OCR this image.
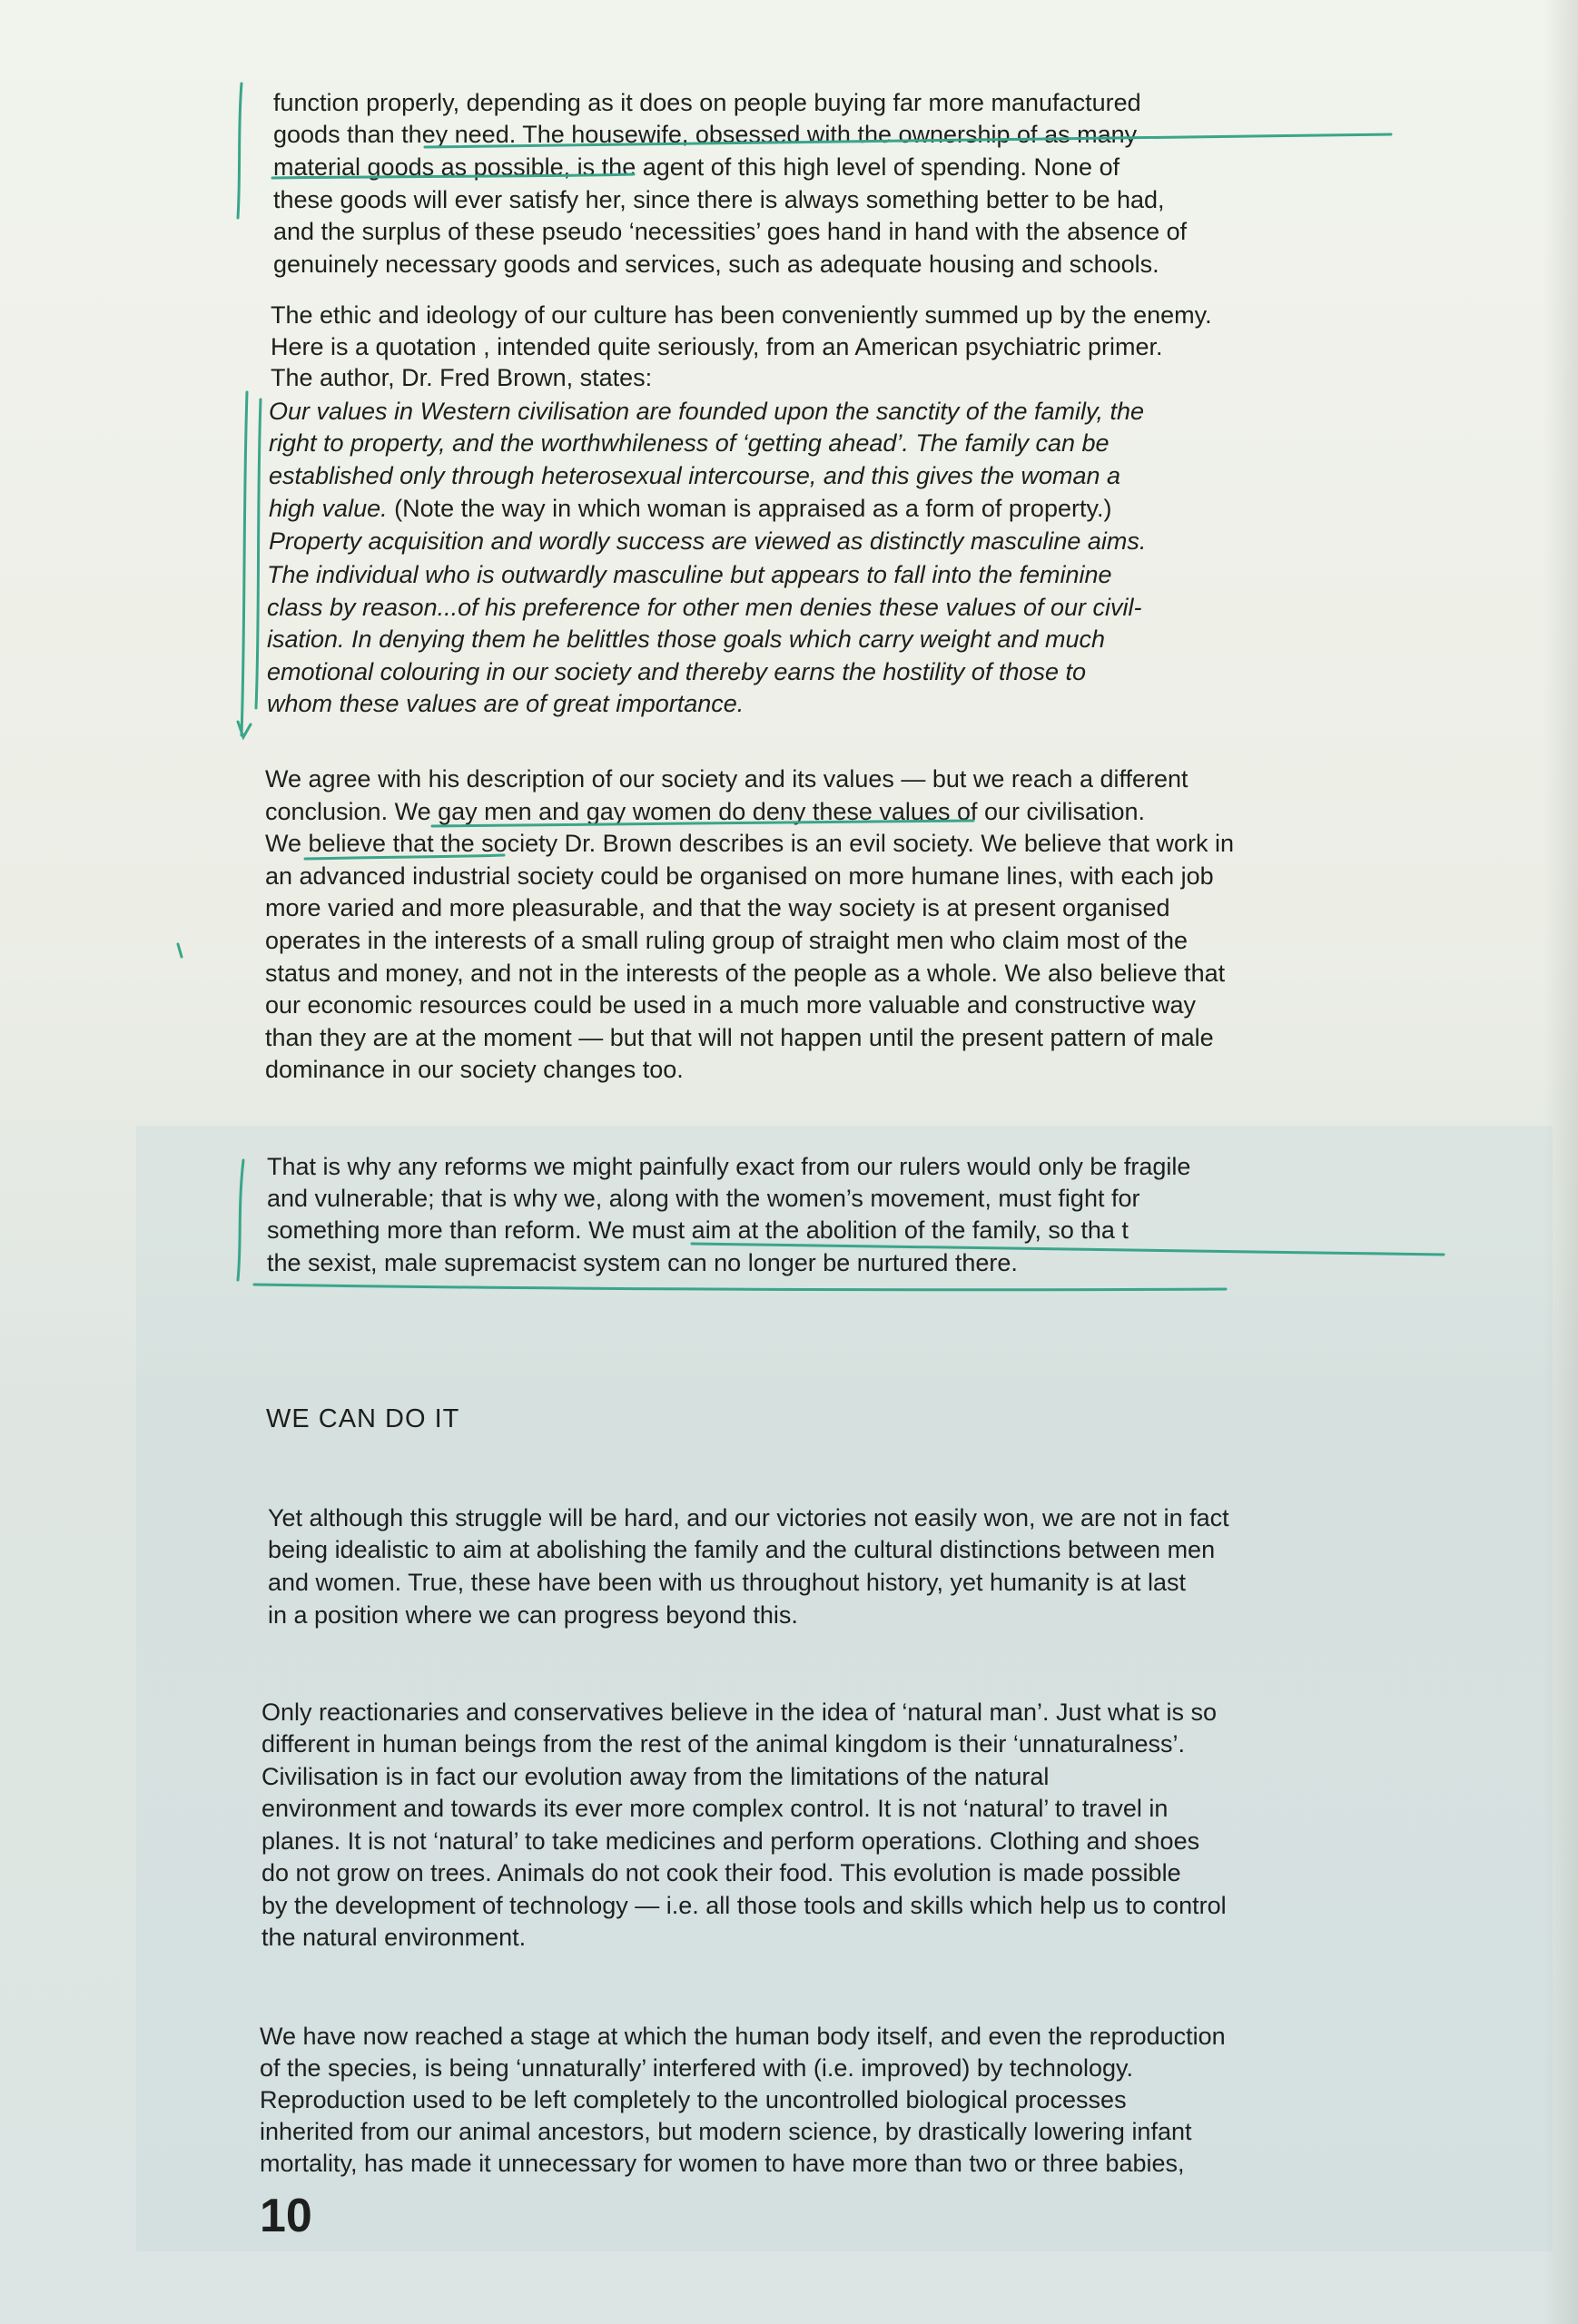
function properly, depending as it does on people buying far more manufactured
goods than they need. The housewife, obsessed with the ownership of as many
material goods as possible, is the agent of this high level of spending. None of
these goods will ever satisfy her, since there is always something better to be had,
and the surplus of these pseudo ‘necessities’ goes hand in hand with the absence of
genuinely necessary goods and services, such as adequate housing and schools.
The ethic and ideology of our culture has been conveniently summed up by the enemy.
Here is a quotation , intended quite seriously, from an American psychiatric primer.
The author, Dr. Fred Brown, states:
Our values in Western civilisation are founded upon the sanctity of the family, the
right to property, and the worthwhileness of ‘getting ahead’. The family can be
established only through heterosexual intercourse, and this gives the woman a
high value. (Note the way in which woman is appraised as a form of property.)
Property acquisition and wordly success are viewed as distinctly masculine aims.
The individual who is outwardly masculine but appears to fall into the feminine
class by reason...of his preference for other men denies these values of our civil-
isation. In denying them he belittles those goals which carry weight and much
emotional colouring in our society and thereby earns the hostility of those to
whom these values are of great importance.
We agree with his description of our society and its values — but we reach a different
conclusion. We gay men and gay women do deny these values of our civilisation.
We believe that the society Dr. Brown describes is an evil society. We believe that work in
an advanced industrial society could be organised on more humane lines, with each job
more varied and more pleasurable, and that the way society is at present organised
operates in the interests of a small ruling group of straight men who claim most of the
status and money, and not in the interests of the people as a whole. We also believe that
our economic resources could be used in a much more valuable and constructive way
than they are at the moment — but that will not happen until the present pattern of male
dominance in our society changes too.
That is why any reforms we might painfully exact from our rulers would only be fragile
and vulnerable; that is why we, along with the women’s movement, must fight for
something more than reform. We must aim at the abolition of the family, so tha t
the sexist, male supremacist system can no longer be nurtured there.
WE CAN DO IT
Yet although this struggle will be hard, and our victories not easily won, we are not in fact
being idealistic to aim at abolishing the family and the cultural distinctions between men
and women. True, these have been with us throughout history, yet humanity is at last
in a position where we can progress beyond this.
Only reactionaries and conservatives believe in the idea of ‘natural man’. Just what is so
different in human beings from the rest of the animal kingdom is their ‘unnaturalness’.
Civilisation is in fact our evolution away from the limitations of the natural
environment and towards its ever more complex control. It is not ‘natural’ to travel in
planes. It is not ‘natural’ to take medicines and perform operations. Clothing and shoes
do not grow on trees. Animals do not cook their food. This evolution is made possible
by the development of technology — i.e. all those tools and skills which help us to control
the natural environment.
We have now reached a stage at which the human body itself, and even the reproduction
of the species, is being ‘unnaturally’ interfered with (i.e. improved) by technology.
Reproduction used to be left completely to the uncontrolled biological processes
inherited from our animal ancestors, but modern science, by drastically lowering infant
mortality, has made it unnecessary for women to have more than two or three babies,
10
